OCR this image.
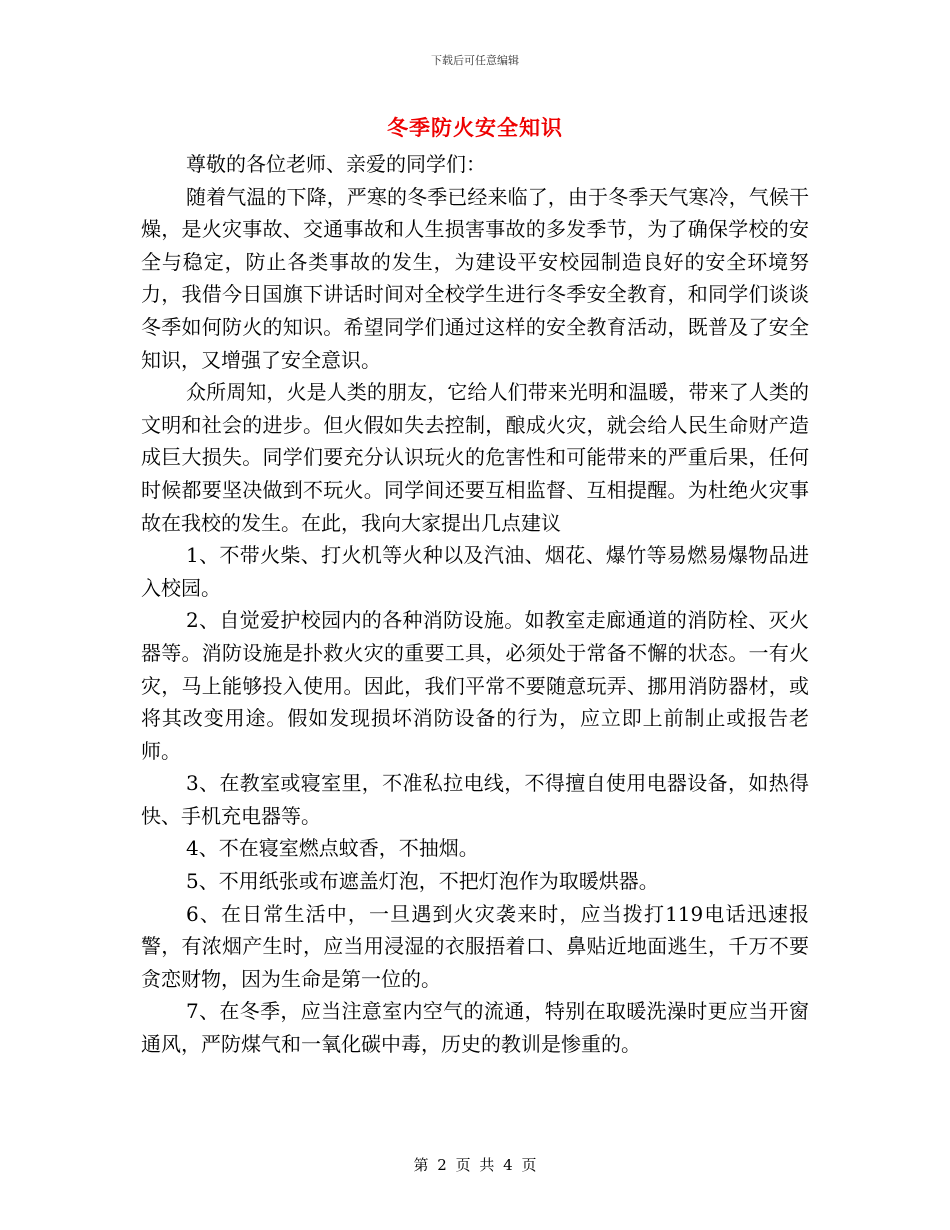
下载后可任意编辑
冬季防火安全知识

尊敬的各位老师、亲爱的同学们：

随着气温的下降，严寒的冬季已经来临了，由于冬季天气寒冷，气候干燥，是火灾事故、交通事故和人生损害事故的多发季节，为了确保学校的安全与稳定，防止各类事故的发生，为建设平安校园制造良好的安全环境努力，我借今日国旗下讲话时间对全校学生进行冬季安全教育，和同学们谈谈冬季如何防火的知识。希望同学们通过这样的安全教育活动，既普及了安全知识，又增强了安全意识。

众所周知，火是人类的朋友，它给人们带来光明和温暖，带来了人类的文明和社会的进步。但火假如失去控制，酿成火灾，就会给人民生命财产造成巨大损失。同学们要充分认识玩火的危害性和可能带来的严重后果，任何时候都要坚决做到不玩火。同学间还要互相监督、互相提醒。为杜绝火灾事故在我校的发生。在此，我向大家提出几点建议

1、不带火柴、打火机等火种以及汽油、烟花、爆竹等易燃易爆物品进入校园。

2、自觉爱护校园内的各种消防设施。如教室走廊通道的消防栓、灭火器等。消防设施是扑救火灾的重要工具，必须处于常备不懈的状态。一有火灾，马上能够投入使用。因此，我们平常不要随意玩弄、挪用消防器材，或将其改变用途。假如发现损坏消防设备的行为，应立即上前制止或报告老师。

3、在教室或寝室里，不准私拉电线，不得擅自使用电器设备，如热得快、手机充电器等。

4、不在寝室燃点蚊香，不抽烟。

5、不用纸张或布遮盖灯泡，不把灯泡作为取暖烘器。

6、在日常生活中，一旦遇到火灾袭来时，应当拨打119电话迅速报警，有浓烟产生时，应当用浸湿的衣服捂着口、鼻贴近地面逃生，千万不要贪恋财物，因为生命是第一位的。

7、在冬季，应当注意室内空气的流通，特别在取暖洗澡时更应当开窗通风，严防煤气和一氧化碳中毒，历史的教训是惨重的。

第 2 页 共 4 页
